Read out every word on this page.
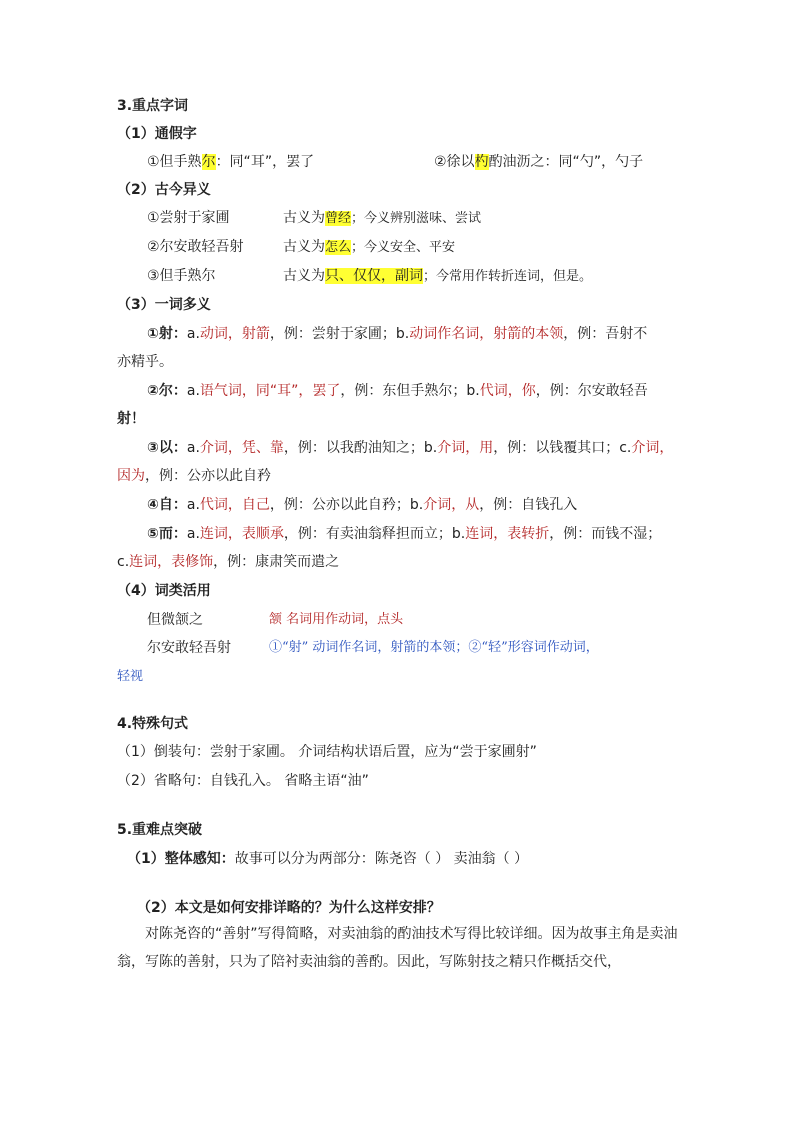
3.重点字词
（1）通假字
①但手熟尔：同“耳”，罢了	②徐以杓酌油沥之：同“勺”，勺子
（2）古今异义
①尝射于家圃	古义为曾经；今义辨别滋味、尝试
②尔安敢轻吾射	古义为怎么；今义安全、平安
③但手熟尔	古义为只、仅仅，副词；今常用作转折连词，但是。
（3）一词多义
①射：a.动词，射箭，例：尝射于家圃；b.动词作名词，射箭的本领，例：吾射不
亦精乎。
②尔：a.语气词，同“耳”，罢了，例：东但手熟尔；b.代词，你，例：尔安敢轻吾
射！
③以：a.介词，凭、靠，例：以我酌油知之；b.介词，用，例：以钱覆其口；c.介词，
因为，例：公亦以此自矜
④自：a.代词，自己，例：公亦以此自矜；b.介词，从，例：自钱孔入
⑤而：a.连词，表顺承，例：有卖油翁释担而立；b.连词，表转折，例：而钱不湿；
c.连词，表修饰，例：康肃笑而遣之
（4）词类活用
但微颔之	颔 名词用作动词，点头
尔安敢轻吾射	①“射” 动词作名词，射箭的本领；②“轻”形容词作动词，
轻视
4.特殊句式
（1）倒装句：尝射于家圃。 介词结构状语后置，应为“尝于家圃射”
（2）省略句：自钱孔入。 省略主语“油”
5.重难点突破
（1）整体感知：故事可以分为两部分：陈尧咨（ ） 卖油翁（ ）
（2）本文是如何安排详略的？为什么这样安排？
对陈尧咨的“善射”写得简略，对卖油翁的酌油技术写得比较详细。因为故事主角是卖油翁，写陈的善射，只为了陪衬卖油翁的善酌。因此，写陈射技之精只作概括交代，
